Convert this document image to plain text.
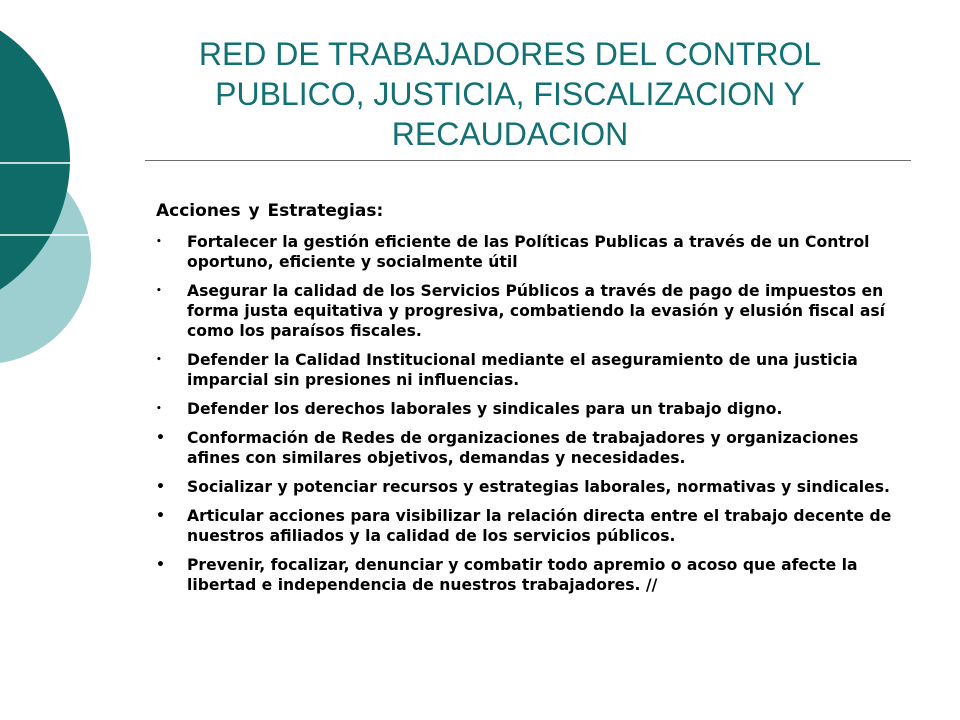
RED DE TRABAJADORES DEL CONTROL
PUBLICO, JUSTICIA, FISCALIZACION Y
RECAUDACION
Acciones y Estrategias:
• Fortalecer la gestión eficiente de las Políticas Publicas a través de un Control oportuno, eficiente y socialmente útil
• Asegurar la calidad de los Servicios Públicos a través de pago de impuestos en forma justa equitativa y progresiva, combatiendo la evasión y elusión fiscal así como los paraísos fiscales.
• Defender la Calidad Institucional mediante el aseguramiento de una justicia imparcial sin presiones ni influencias.
• Defender los derechos laborales y sindicales para un trabajo digno.
• Conformación de Redes de organizaciones de trabajadores y organizaciones afines con similares objetivos, demandas y necesidades.
• Socializar y potenciar recursos y estrategias laborales, normativas y sindicales.
• Articular acciones para visibilizar la relación directa entre el trabajo decente de nuestros afiliados y la calidad de los servicios públicos.
• Prevenir, focalizar, denunciar y combatir todo apremio o acoso que afecte la libertad e independencia de nuestros trabajadores. //
